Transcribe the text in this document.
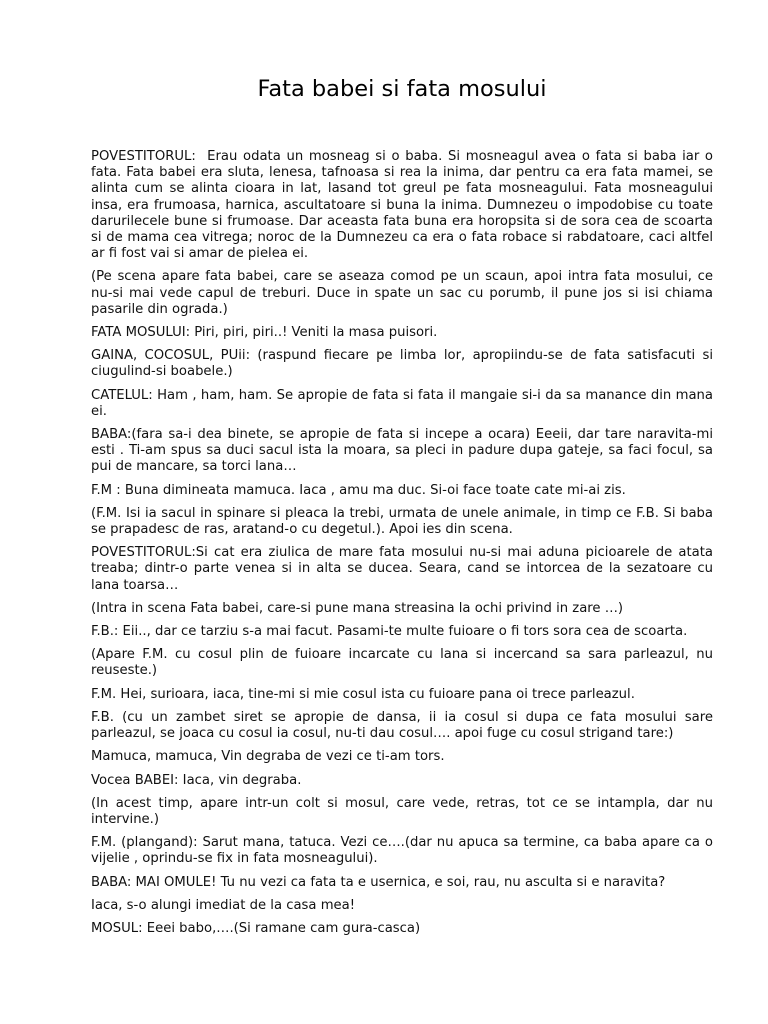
Fata babei si fata mosului

POVESTITORUL:  Erau odata un mosneag si o baba. Si mosneagul avea o fata si baba iar o fata. Fata babei era sluta, lenesa, tafnoasa si rea la inima, dar pentru ca era fata mamei, se alinta cum se alinta cioara in lat, lasand tot greul pe fata mosneagului. Fata mosneagului insa, era frumoasa, harnica, ascultatoare si buna la inima. Dumnezeu o impodobise cu toate darurilecele bune si frumoase. Dar aceasta fata buna era horopsita si de sora cea de scoarta si de mama cea vitrega; noroc de la Dumnezeu ca era o fata robace si rabdatoare, caci altfel ar fi fost vai si amar de pielea ei.

(Pe scena apare fata babei, care se aseaza comod pe un scaun, apoi intra fata mosului, ce nu-si mai vede capul de treburi. Duce in spate un sac cu porumb, il pune jos si isi chiama pasarile din ograda.)

FATA MOSULUI: Piri, piri, piri..! Veniti la masa puisori.

GAINA, COCOSUL, PUii: (raspund fiecare pe limba lor, apropiindu-se de fata satisfacuti si ciugulind-si boabele.)

CATELUL: Ham , ham, ham. Se apropie de fata si fata il mangaie si-i da sa manance din mana ei.

BABA:(fara sa-i dea binete, se apropie de fata si incepe a ocara) Eeeii, dar tare naravita-mi esti . Ti-am spus sa duci sacul ista la moara, sa pleci in padure dupa gateje, sa faci focul, sa pui de mancare, sa torci lana…

F.M : Buna dimineata mamuca. Iaca , amu ma duc. Si-oi face toate cate mi-ai zis.

(F.M. Isi ia sacul in spinare si pleaca la trebi, urmata de unele animale, in timp ce F.B. Si baba se prapadesc de ras, aratand-o cu degetul.). Apoi ies din scena.

POVESTITORUL:Si cat era ziulica de mare fata mosului nu-si mai aduna picioarele de atata treaba; dintr-o parte venea si in alta se ducea. Seara, cand se intorcea de la sezatoare cu lana toarsa…

(Intra in scena Fata babei, care-si pune mana streasina la ochi privind in zare …)

F.B.: Eii.., dar ce tarziu s-a mai facut. Pasami-te multe fuioare o fi tors sora cea de scoarta.

(Apare F.M. cu cosul plin de fuioare incarcate cu lana si incercand sa sara parleazul, nu reuseste.)

F.M. Hei, surioara, iaca, tine-mi si mie cosul ista cu fuioare pana oi trece parleazul.

F.B. (cu un zambet siret se apropie de dansa, ii ia cosul si dupa ce fata mosului sare parleazul, se joaca cu cosul ia cosul, nu-ti dau cosul…. apoi fuge cu cosul strigand tare:)

Mamuca, mamuca, Vin degraba de vezi ce ti-am tors.

Vocea BABEI: Iaca, vin degraba.

(In acest timp, apare intr-un colt si mosul, care vede, retras, tot ce se intampla, dar nu intervine.)

F.M. (plangand): Sarut mana, tatuca. Vezi ce….(dar nu apuca sa termine, ca baba apare ca o vijelie , oprindu-se fix in fata mosneagului).

BABA: MAI OMULE! Tu nu vezi ca fata ta e usernica, e soi, rau, nu asculta si e naravita?

Iaca, s-o alungi imediat de la casa mea!

MOSUL: Eeei babo,….(Si ramane cam gura-casca)
